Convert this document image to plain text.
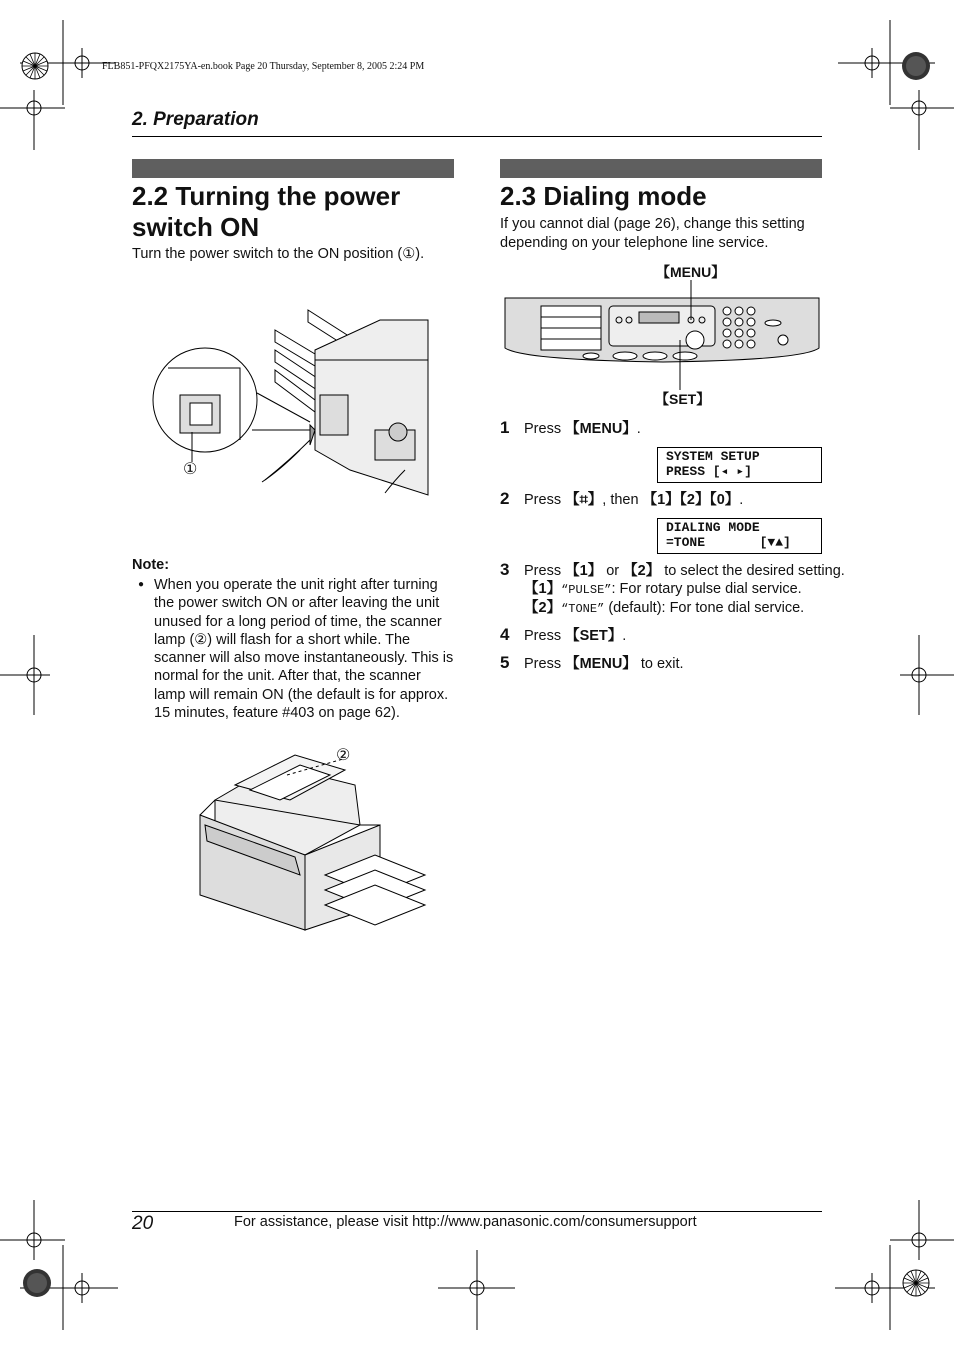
FLB851-PFQX2175YA-en.book Page 20 Thursday, September 8, 2005 2:24 PM
2. Preparation
2.2 Turning the power
switch ON
Turn the power switch to the ON position (①).
①
Note:
● When you operate the unit right after turning the power switch ON or after leaving the unit unused for a long period of time, the scanner lamp (②) will flash for a short while. The scanner will also move instantaneously. This is normal for the unit. After that, the scanner lamp will remain ON (the default is for approx. 15 minutes, feature #403 on page 62).
②
2.3 Dialing mode
If you cannot dial (page 26), change this setting depending on your telephone line service.
【MENU】
【SET】
1 Press 【MENU】.
SYSTEM SETUP
PRESS [◂ ▸]
2 Press 【⌗】, then 【1】【2】【0】.
DIALING MODE
=TONE       [▼▲]
3 Press 【1】 or 【2】 to select the desired setting.
【1】“PULSE”: For rotary pulse dial service.
【2】“TONE” (default): For tone dial service.
4 Press 【SET】.
5 Press 【MENU】 to exit.
20	For assistance, please visit http://www.panasonic.com/consumersupport
